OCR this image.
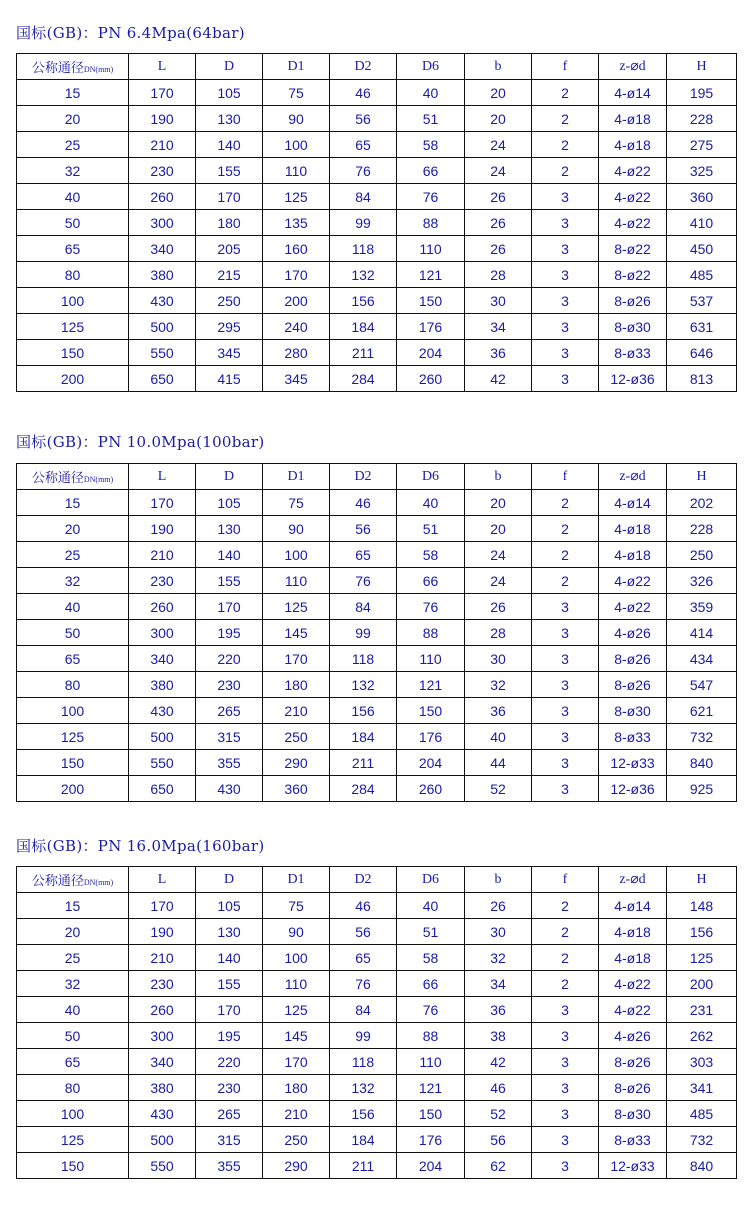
国标(GB)：PN 6.4Mpa(64bar)
公称通径DN(mm)	L	D	D1	D2	D6	b	f	z-⌀d	H
15	170	105	75	46	40	20	2	4-ø14	195
20	190	130	90	56	51	20	2	4-ø18	228
25	210	140	100	65	58	24	2	4-ø18	275
32	230	155	110	76	66	24	2	4-ø22	325
40	260	170	125	84	76	26	3	4-ø22	360
50	300	180	135	99	88	26	3	4-ø22	410
65	340	205	160	118	110	26	3	8-ø22	450
80	380	215	170	132	121	28	3	8-ø22	485
100	430	250	200	156	150	30	3	8-ø26	537
125	500	295	240	184	176	34	3	8-ø30	631
150	550	345	280	211	204	36	3	8-ø33	646
200	650	415	345	284	260	42	3	12-ø36	813
国标(GB)：PN 10.0Mpa(100bar)
公称通径DN(mm)	L	D	D1	D2	D6	b	f	z-⌀d	H
15	170	105	75	46	40	20	2	4-ø14	202
20	190	130	90	56	51	20	2	4-ø18	228
25	210	140	100	65	58	24	2	4-ø18	250
32	230	155	110	76	66	24	2	4-ø22	326
40	260	170	125	84	76	26	3	4-ø22	359
50	300	195	145	99	88	28	3	4-ø26	414
65	340	220	170	118	110	30	3	8-ø26	434
80	380	230	180	132	121	32	3	8-ø26	547
100	430	265	210	156	150	36	3	8-ø30	621
125	500	315	250	184	176	40	3	8-ø33	732
150	550	355	290	211	204	44	3	12-ø33	840
200	650	430	360	284	260	52	3	12-ø36	925
国标(GB)：PN 16.0Mpa(160bar)
公称通径DN(mm)	L	D	D1	D2	D6	b	f	z-⌀d	H
15	170	105	75	46	40	26	2	4-ø14	148
20	190	130	90	56	51	30	2	4-ø18	156
25	210	140	100	65	58	32	2	4-ø18	125
32	230	155	110	76	66	34	2	4-ø22	200
40	260	170	125	84	76	36	3	4-ø22	231
50	300	195	145	99	88	38	3	4-ø26	262
65	340	220	170	118	110	42	3	8-ø26	303
80	380	230	180	132	121	46	3	8-ø26	341
100	430	265	210	156	150	52	3	8-ø30	485
125	500	315	250	184	176	56	3	8-ø33	732
150	550	355	290	211	204	62	3	12-ø33	840
